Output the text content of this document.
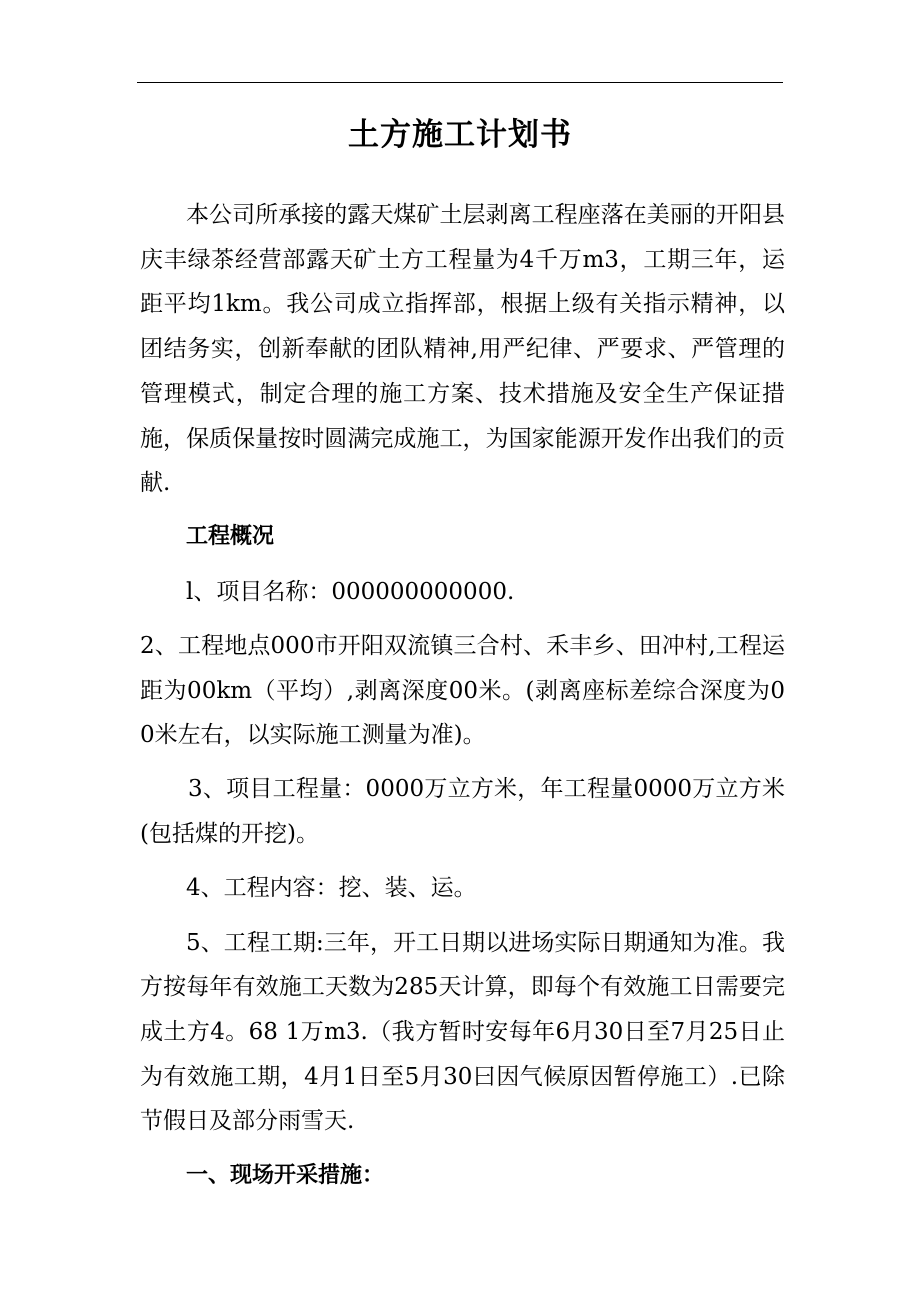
土方施工计划书

本公司所承接的露天煤矿土层剥离工程座落在美丽的开阳县庆丰绿茶经营部露天矿土方工程量为4千万m3，工期三年，运距平均1km。我公司成立指挥部，根据上级有关指示精神，以团结务实，创新奉献的团队精神,用严纪律、严要求、严管理的管理模式，制定合理的施工方案、技术措施及安全生产保证措施，保质保量按时圆满完成施工，为国家能源开发作出我们的贡献.

工程概况

l、项目名称：000000000000.

2、工程地点000市开阳双流镇三合村、禾丰乡、田冲村,工程运距为00km（平均）,剥离深度00米。(剥离座标差综合深度为00米左右，以实际施工测量为准)。

3、项目工程量：0000万立方米，年工程量0000万立方米(包括煤的开挖)。

4、工程内容：挖、装、运。

5、工程工期:三年，开工日期以进场实际日期通知为准。我方按每年有效施工天数为285天计算，即每个有效施工日需要完成土方4。68 1万m3.（我方暂时安每年6月30日至7月25日止为有效施工期，4月1日至5月30曰因气候原因暂停施工）.已除节假日及部分雨雪天.

一、现场开采措施：
